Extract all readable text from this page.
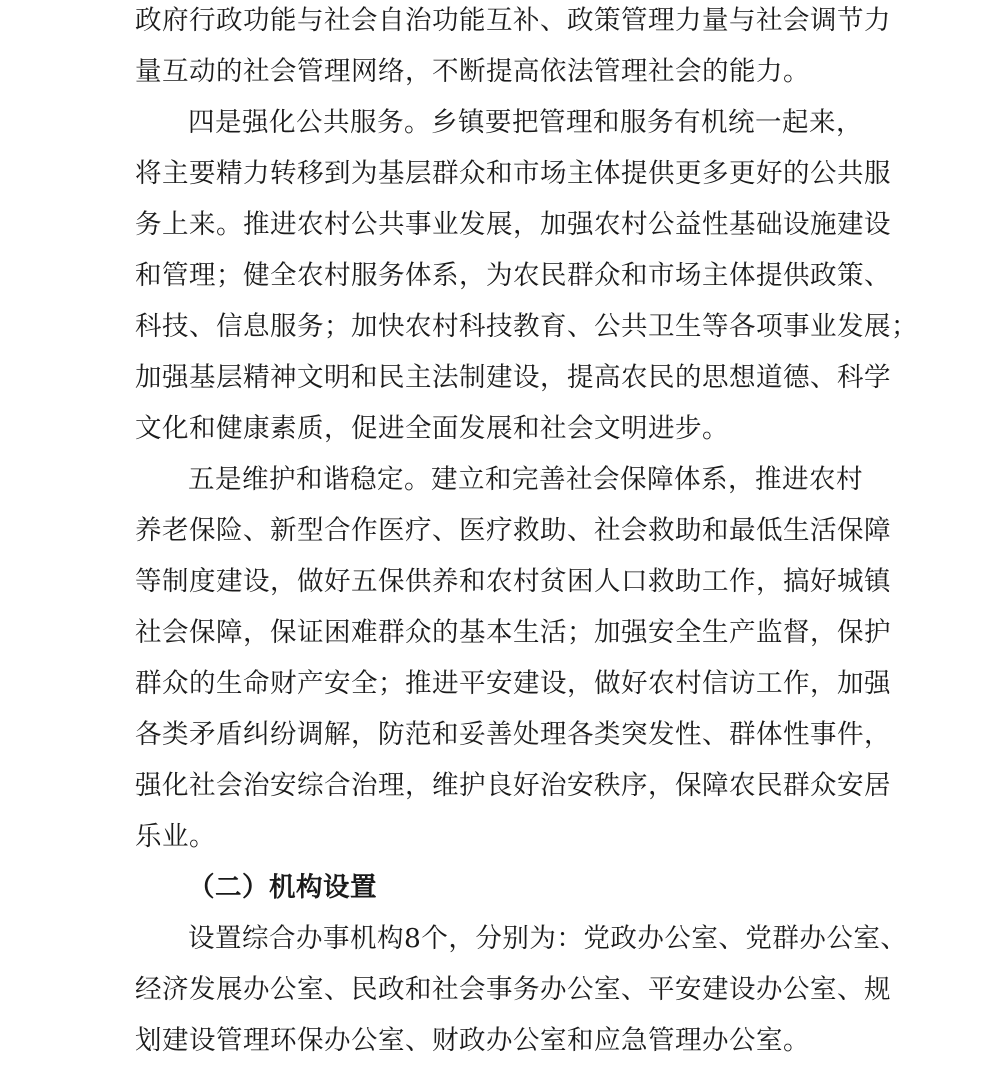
政府行政功能与社会自治功能互补、政策管理力量与社会调节力
量互动的社会管理网络，不断提高依法管理社会的能力。
四是强化公共服务。乡镇要把管理和服务有机统一起来，
将主要精力转移到为基层群众和市场主体提供更多更好的公共服
务上来。推进农村公共事业发展，加强农村公益性基础设施建设
和管理；健全农村服务体系，为农民群众和市场主体提供政策、
科技、信息服务；加快农村科技教育、公共卫生等各项事业发展；
加强基层精神文明和民主法制建设，提高农民的思想道德、科学
文化和健康素质，促进全面发展和社会文明进步。
五是维护和谐稳定。建立和完善社会保障体系，推进农村
养老保险、新型合作医疗、医疗救助、社会救助和最低生活保障
等制度建设，做好五保供养和农村贫困人口救助工作，搞好城镇
社会保障，保证困难群众的基本生活；加强安全生产监督，保护
群众的生命财产安全；推进平安建设，做好农村信访工作，加强
各类矛盾纠纷调解，防范和妥善处理各类突发性、群体性事件，
强化社会治安综合治理，维护良好治安秩序，保障农民群众安居
乐业。
（二）机构设置
设置综合办事机构8个，分别为：党政办公室、党群办公室、
经济发展办公室、民政和社会事务办公室、平安建设办公室、规
划建设管理环保办公室、财政办公室和应急管理办公室。
